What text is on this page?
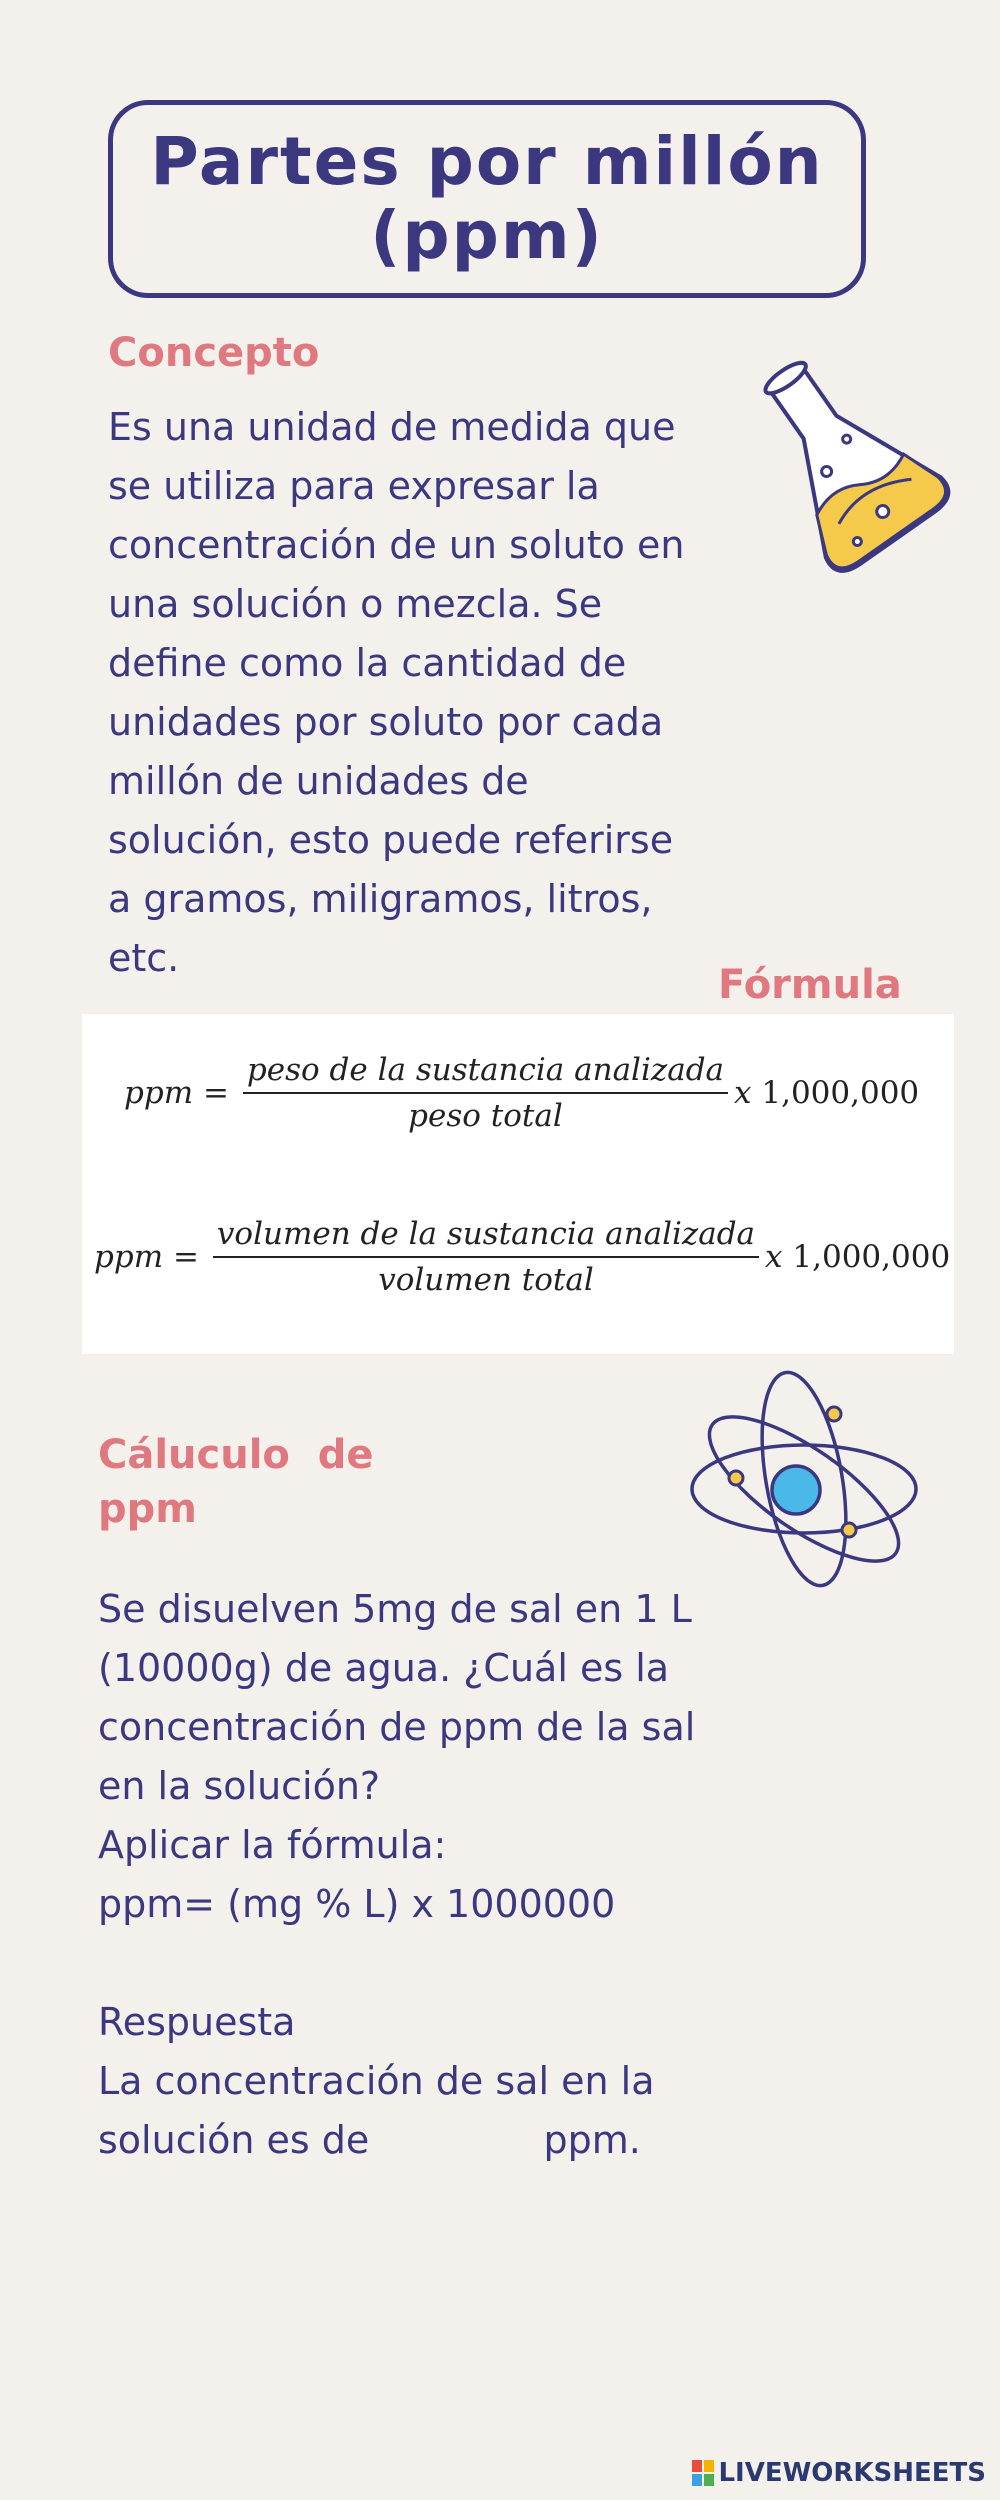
Partes por millón
(ppm)
Concepto
Es una unidad de medida que
se utiliza para expresar la
concentración de un soluto en
una solución o mezcla. Se
define como la cantidad de
unidades por soluto por cada
millón de unidades de
solución, esto puede referirse
a gramos, miligramos, litros,
etc.
Fórmula
ppm = $\frac{\text{peso de la sustancia analizada}}{\text{peso total}}$ x 1,000,000
ppm = $\frac{\text{volumen de la sustancia analizada}}{\text{volumen total}}$ x 1,000,000
Cáluculo  de
ppm
Se disuelven 5mg de sal en 1 L
(10000g) de agua. ¿Cuál es la
concentración de ppm de la sal
en la solución?
Aplicar la fórmula:
ppm= (mg % L) x 1000000
Respuesta
La concentración de sal en la
solución es de	ppm.
LIVEWORKSHEETS
